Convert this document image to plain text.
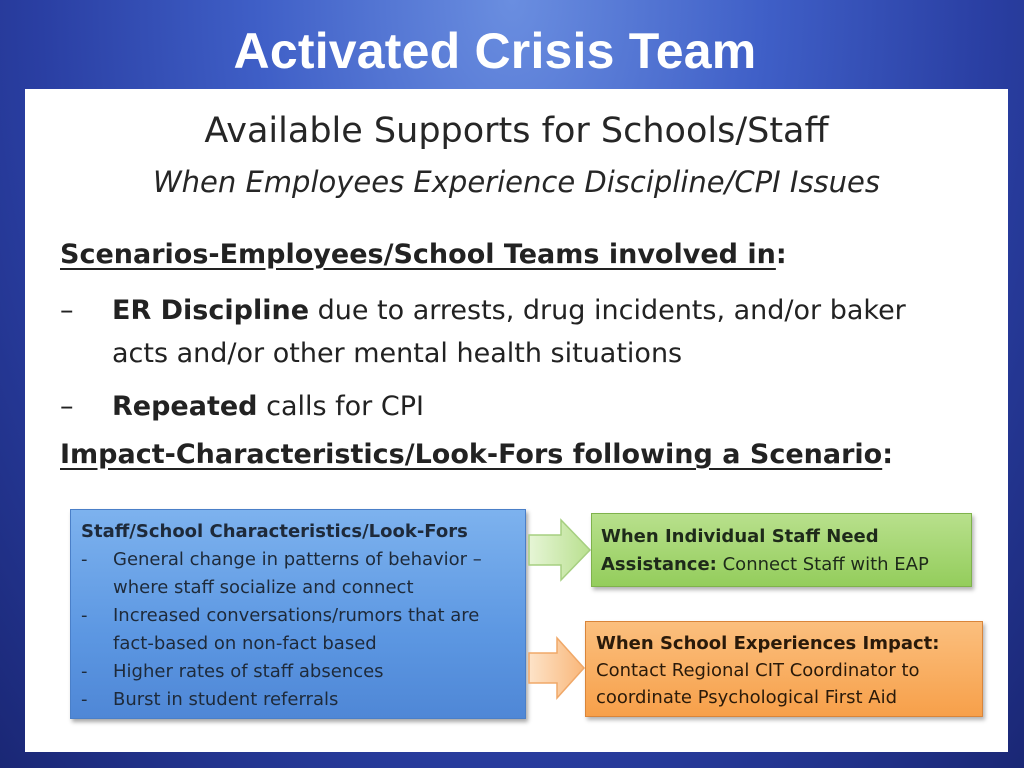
Activated Crisis Team
Available Supports for Schools/Staff
When Employees Experience Discipline/CPI Issues
Scenarios-Employees/School Teams involved in:
– ER Discipline due to arrests, drug incidents, and/or baker acts and/or other mental health situations
– Repeated calls for CPI
Impact-Characteristics/Look-Fors following a Scenario:
Staff/School Characteristics/Look-Fors
- General change in patterns of behavior – where staff socialize and connect
- Increased conversations/rumors that are fact-based on non-fact based
- Higher rates of staff absences
- Burst in student referrals
When Individual Staff Need Assistance: Connect Staff with EAP
When School Experiences Impact: Contact Regional CIT Coordinator to coordinate Psychological First Aid
